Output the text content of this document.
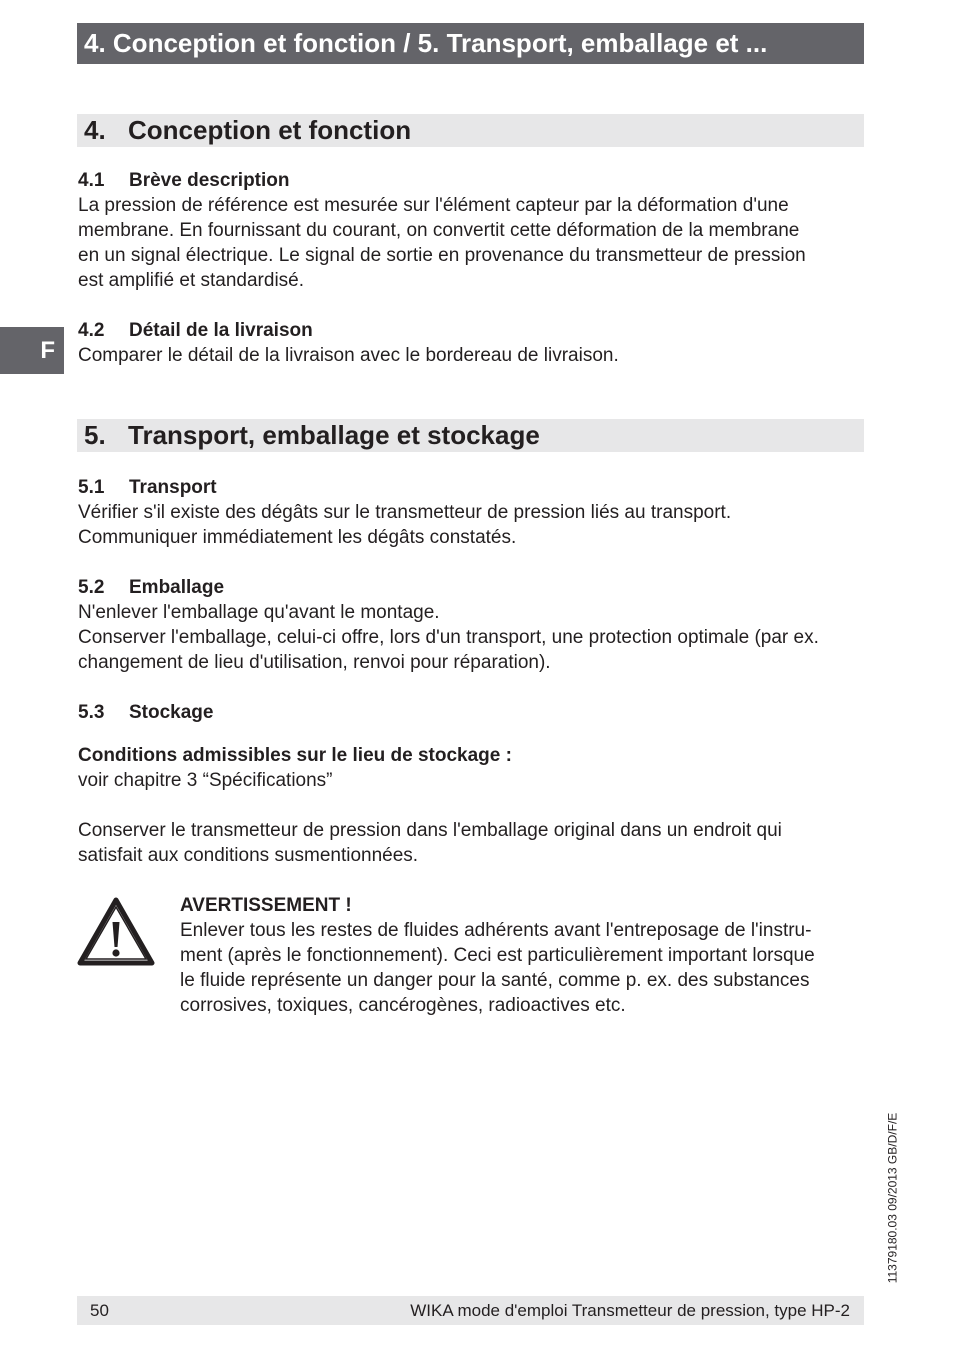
4. Conception et fonction / 5. Transport, emballage et ...
F
4. Conception et fonction
4.1 Brève description

La pression de référence est mesurée sur l'élément capteur par la déformation d'une
membrane. En fournissant du courant, on convertit cette déformation de la membrane
en un signal électrique. Le signal de sortie en provenance du transmetteur de pression
est amplifié et standardisé.

4.2 Détail de la livraison

Comparer le détail de la livraison avec le bordereau de livraison.

5. Transport, emballage et stockage
5.1 Transport

Vérifier s'il existe des dégâts sur le transmetteur de pression liés au transport.
Communiquer immédiatement les dégâts constatés.

5.2 Emballage

N'enlever l'emballage qu'avant le montage.
Conserver l'emballage, celui-ci offre, lors d'un transport, une protection optimale (par ex.
changement de lieu d'utilisation, renvoi pour réparation).

5.3 Stockage
Conditions admissibles sur le lieu de stockage :
voir chapitre 3 “Spécifications”

Conserver le transmetteur de pression dans l'emballage original dans un endroit qui
satisfait aux conditions susmentionnées.

AVERTISSEMENT !

Enlever tous les restes de fluides adhérents avant l'entreposage de l'instru-
ment (après le fonctionnement). Ceci est particulièrement important lorsque
le fluide représente un danger pour la santé, comme p. ex. des substances
corrosives, toxiques, cancérogènes, radioactives etc.

11379180.03 09/2013 GB/D/F/E
50	WIKA mode d'emploi Transmetteur de pression, type HP-2
